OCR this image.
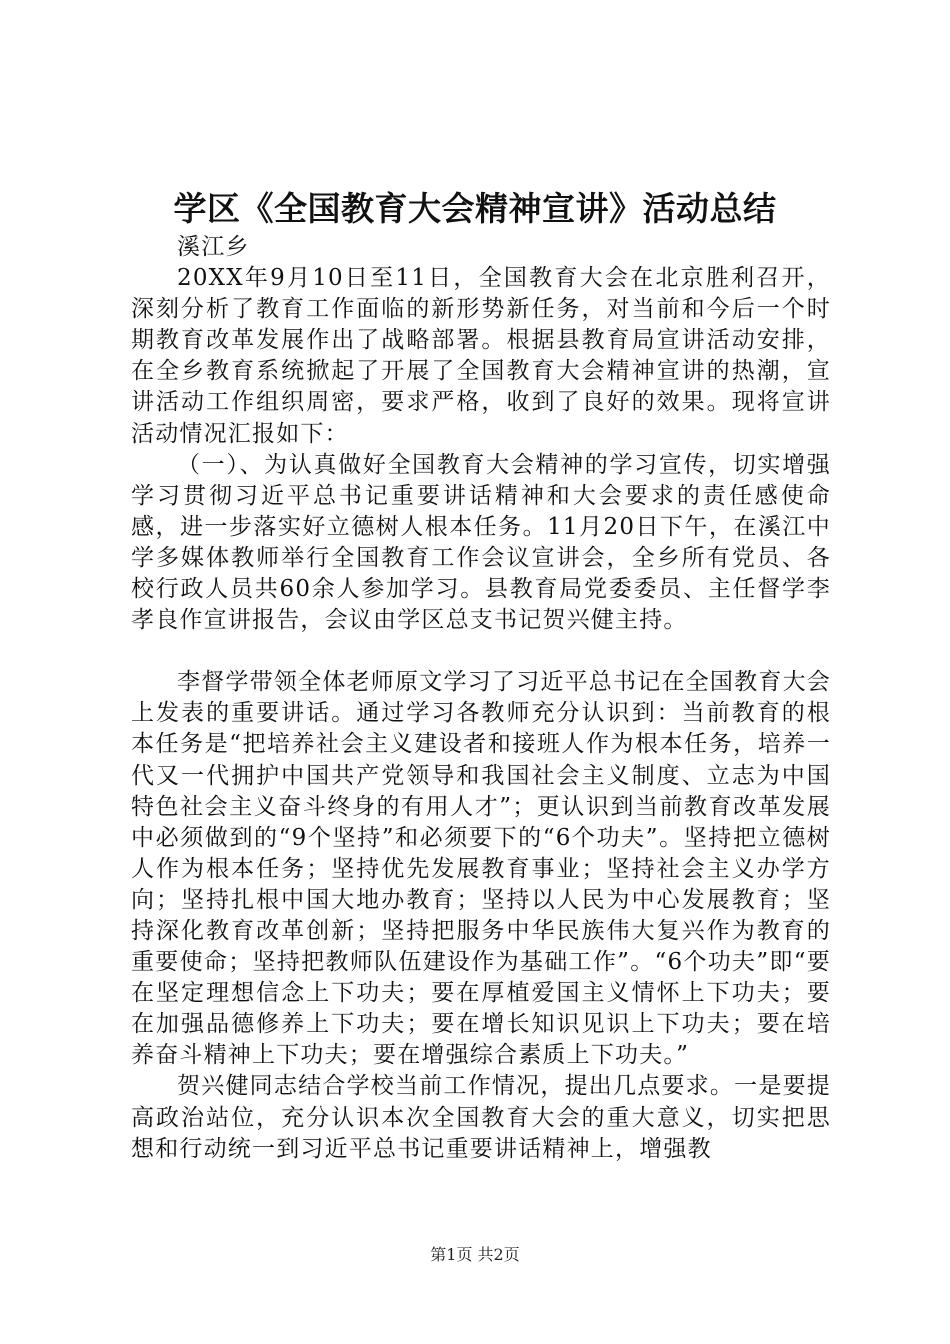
学区《全国教育大会精神宣讲》活动总结

溪江乡

20XX年9月10日至11日，全国教育大会在北京胜利召开，深刻分析了教育工作面临的新形势新任务，对当前和今后一个时期教育改革发展作出了战略部署。根据县教育局宣讲活动安排，在全乡教育系统掀起了开展了全国教育大会精神宣讲的热潮，宣讲活动工作组织周密，要求严格，收到了良好的效果。现将宣讲活动情况汇报如下：

（一）、为认真做好全国教育大会精神的学习宣传，切实增强学习贯彻习近平总书记重要讲话精神和大会要求的责任感使命感，进一步落实好立德树人根本任务。11月20日下午，在溪江中学多媒体教师举行全国教育工作会议宣讲会，全乡所有党员、各校行政人员共60余人参加学习。县教育局党委委员、主任督学李孝良作宣讲报告，会议由学区总支书记贺兴健主持。

李督学带领全体老师原文学习了习近平总书记在全国教育大会上发表的重要讲话。通过学习各教师充分认识到：当前教育的根本任务是“把培养社会主义建设者和接班人作为根本任务，培养一代又一代拥护中国共产党领导和我国社会主义制度、立志为中国特色社会主义奋斗终身的有用人才”；更认识到当前教育改革发展中必须做到的“9个坚持”和必须要下的“6个功夫”。坚持把立德树人作为根本任务；坚持优先发展教育事业；坚持社会主义办学方向；坚持扎根中国大地办教育；坚持以人民为中心发展教育；坚持深化教育改革创新；坚持把服务中华民族伟大复兴作为教育的重要使命；坚持把教师队伍建设作为基础工作”。“6个功夫”即“要在坚定理想信念上下功夫；要在厚植爱国主义情怀上下功夫；要在加强品德修养上下功夫；要在增长知识见识上下功夫；要在培养奋斗精神上下功夫；要在增强综合素质上下功夫。”

贺兴健同志结合学校当前工作情况，提出几点要求。一是要提高政治站位，充分认识本次全国教育大会的重大意义，切实把思想和行动统一到习近平总书记重要讲话精神上，增强教

第1页 共2页
